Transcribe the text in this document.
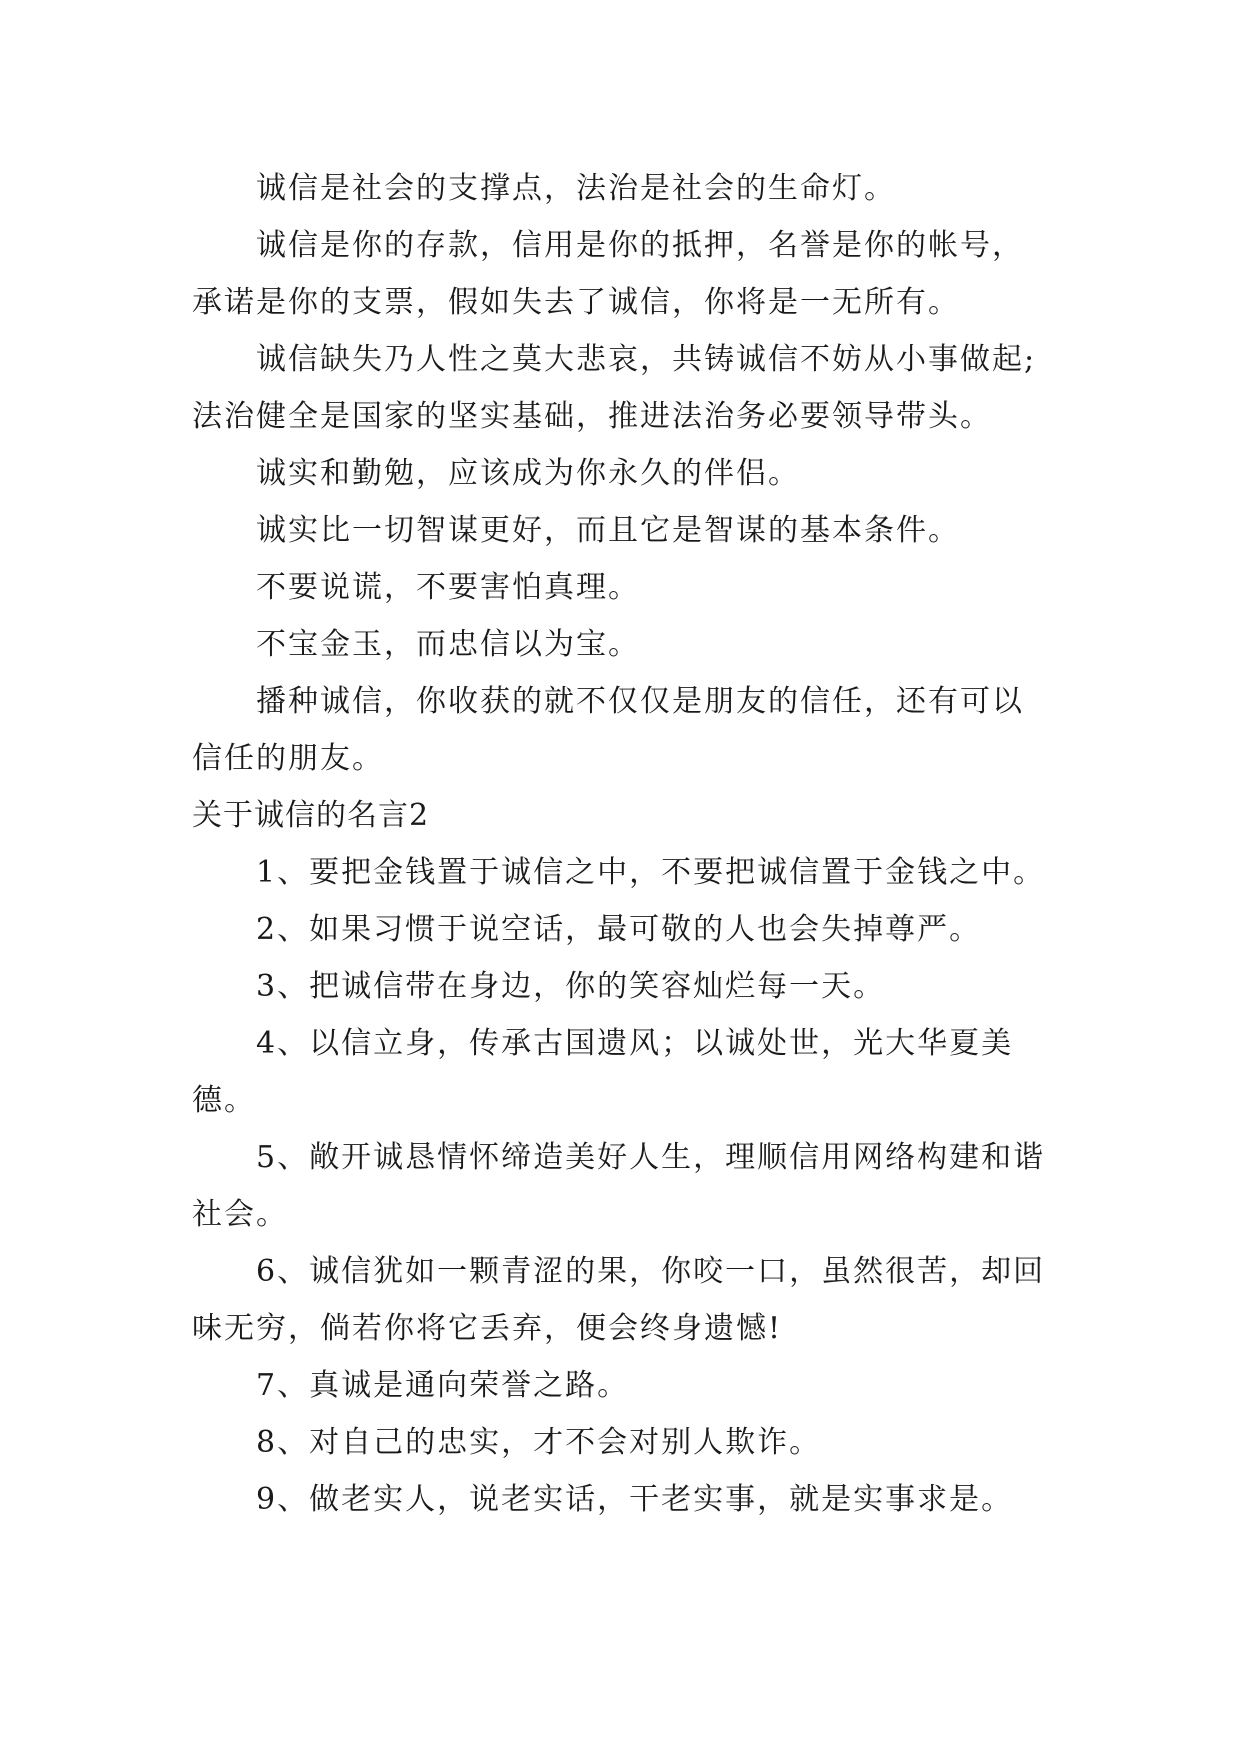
诚信是社会的支撑点，法治是社会的生命灯。

诚信是你的存款，信用是你的抵押，名誉是你的帐号，承诺是你的支票，假如失去了诚信，你将是一无所有。

诚信缺失乃人性之莫大悲哀，共铸诚信不妨从小事做起;法治健全是国家的坚实基础，推进法治务必要领导带头。

诚实和勤勉，应该成为你永久的伴侣。

诚实比一切智谋更好，而且它是智谋的基本条件。

不要说谎，不要害怕真理。

不宝金玉，而忠信以为宝。

播种诚信，你收获的就不仅仅是朋友的信任，还有可以信任的朋友。

关于诚信的名言2

1、要把金钱置于诚信之中，不要把诚信置于金钱之中。

2、如果习惯于说空话，最可敬的人也会失掉尊严。

3、把诚信带在身边，你的笑容灿烂每一天。

4、以信立身，传承古国遗风；以诚处世，光大华夏美德。

5、敞开诚恳情怀缔造美好人生，理顺信用网络构建和谐社会。

6、诚信犹如一颗青涩的果，你咬一口，虽然很苦，却回味无穷，倘若你将它丢弃，便会终身遗憾!

7、真诚是通向荣誉之路。

8、对自己的忠实，才不会对别人欺诈。

9、做老实人，说老实话，干老实事，就是实事求是。
